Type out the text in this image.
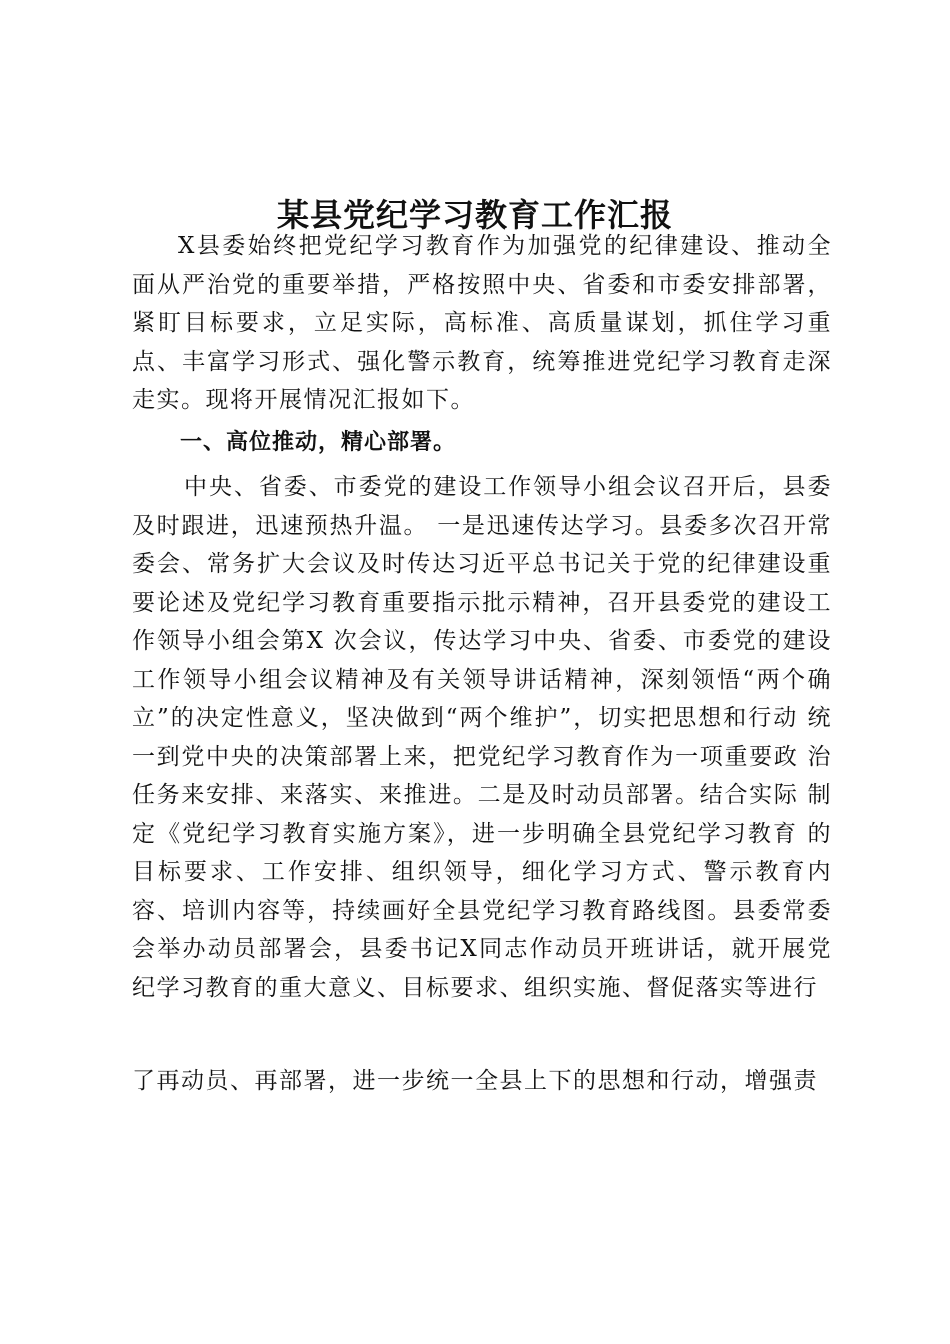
某县党纪学习教育工作汇报

X县委始终把党纪学习教育作为加强党的纪律建设、推动全面从严治党的重要举措，严格按照中央、省委和市委安排部署，紧盯目标要求，立足实际，高标准、高质量谋划，抓住学习重点、丰富学习形式、强化警示教育，统筹推进党纪学习教育走深走实。现将开展情况汇报如下。

一、高位推动，精心部署。

中央、省委、市委党的建设工作领导小组会议召开后，县委及时跟进，迅速预热升温。 一是迅速传达学习。县委多次召开常委会、常务扩大会议及时传达习近平总书记关于党的纪律建设重要论述及党纪学习教育重要指示批示精神，召开县委党的建设工作领导小组会第X 次会议，传达学习中央、省委、市委党的建设 工作领导小组会议精神及有关领导讲话精神，深刻领悟“两个确 立”的决定性意义，坚决做到“两个维护”，切实把思想和行动 统一到党中央的决策部署上来，把党纪学习教育作为一项重要政 治任务来安排、来落实、来推进。二是及时动员部署。结合实际 制定《党纪学习教育实施方案》，进一步明确全县党纪学习教育 的目标要求、工作安排、组织领导，细化学习方式、警示教育内 容、培训内容等，持续画好全县党纪学习教育路线图。县委常委 会举办动员部署会，县委书记X同志作动员开班讲话，就开展党 纪学习教育的重大意义、目标要求、组织实施、督促落实等进行

了再动员、再部署，进一步统一全县上下的思想和行动，增强责
